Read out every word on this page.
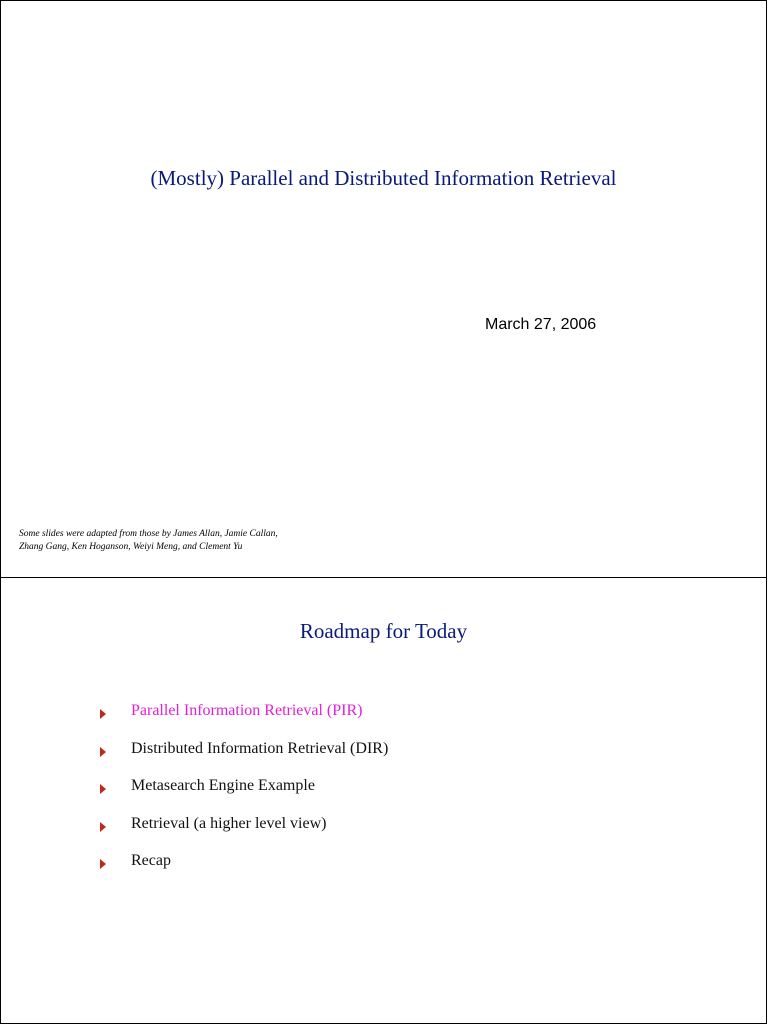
(Mostly) Parallel and Distributed Information Retrieval
March 27, 2006
Some slides were adapted from those by James Allan, Jamie Callan,
Zhang Gang, Ken Hoganson, Weiyi Meng, and Clement Yu
Roadmap for Today
Parallel Information Retrieval (PIR)
Distributed Information Retrieval (DIR)
Metasearch Engine Example
Retrieval (a higher level view)
Recap
